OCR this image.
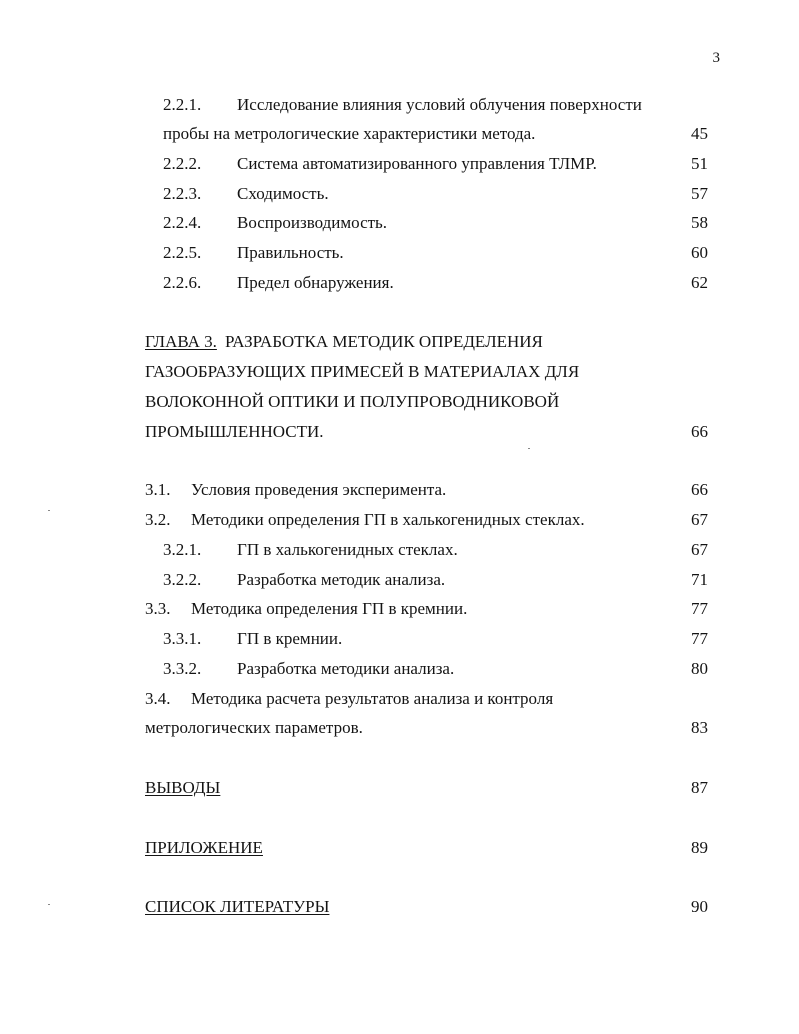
3
2.2.1. Исследование влияния условий облучения поверхности
пробы на метрологические характеристики метода.	45
2.2.2. Система автоматизированного управления ТЛМР.	51
2.2.3. Сходимость.	57
2.2.4. Воспроизводимость.	58
2.2.5. Правильность.	60
2.2.6. Предел обнаружения.	62
ГЛАВА 3. РАЗРАБОТКА МЕТОДИК ОПРЕДЕЛЕНИЯ
ГАЗООБРАЗУЮЩИХ ПРИМЕСЕЙ В МАТЕРИАЛАХ ДЛЯ
ВОЛОКОННОЙ ОПТИКИ И ПОЛУПРОВОДНИКОВОЙ
ПРОМЫШЛЕННОСТИ.	66
3.1. Условия проведения эксперимента.	66
3.2. Методики определения ГП в халькогенидных стеклах.	67
3.2.1. ГП в халькогенидных стеклах.	67
3.2.2. Разработка методик анализа.	71
3.3. Методика определения ГП в кремнии.	77
3.3.1. ГП в кремнии.	77
3.3.2. Разработка методики анализа.	80
3.4. Методика расчета результатов анализа и контроля
метрологических параметров.	83
ВЫВОДЫ	87
ПРИЛОЖЕНИЕ	89
СПИСОК ЛИТЕРАТУРЫ	90
